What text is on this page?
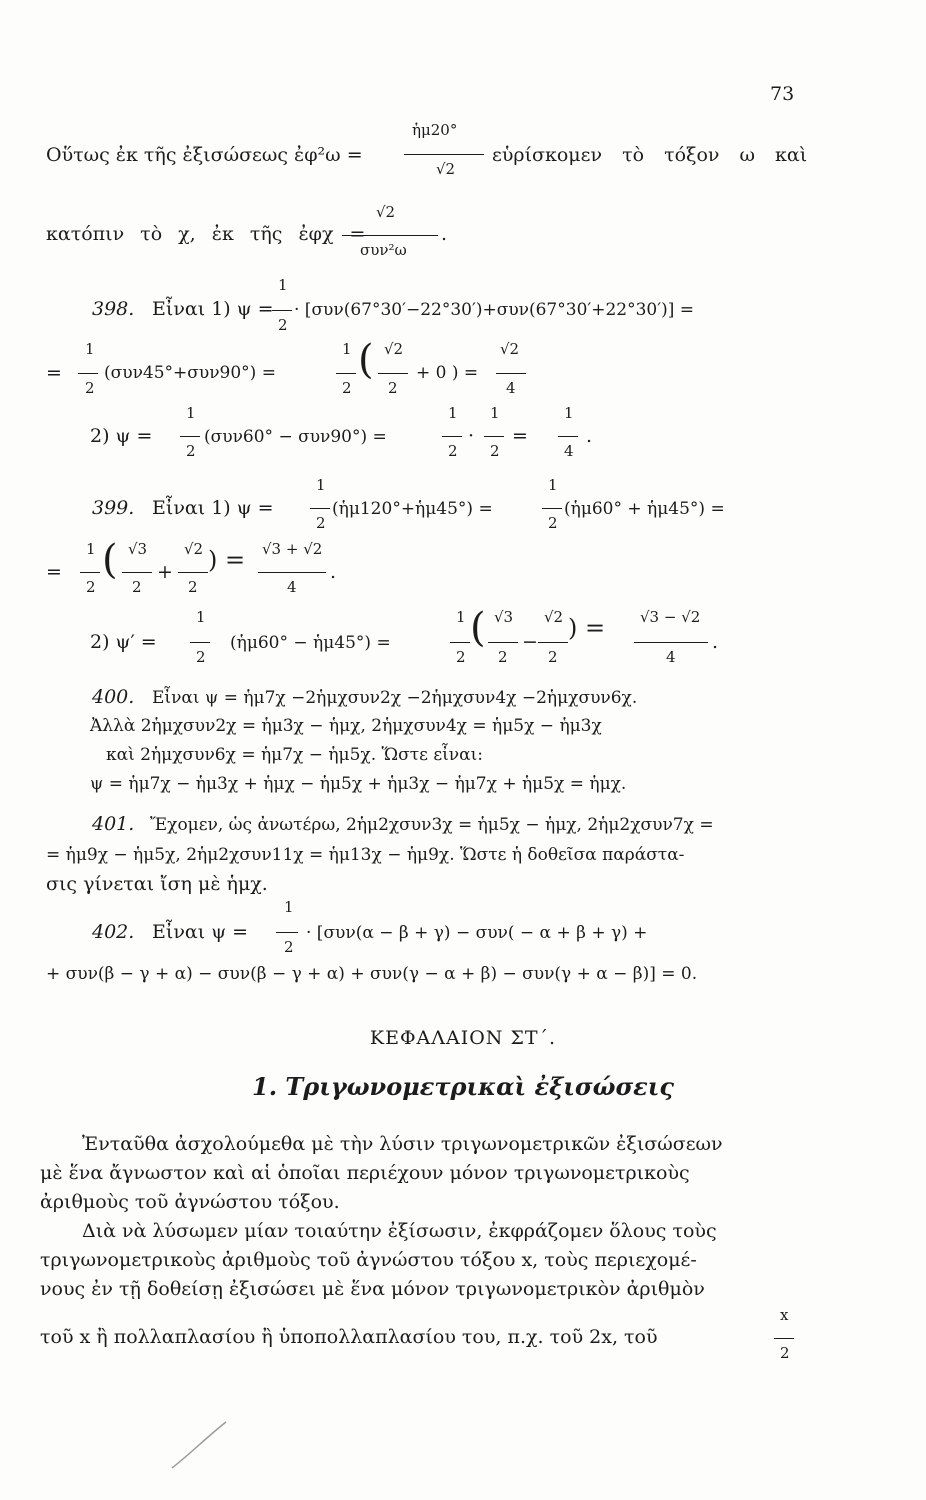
73
Οὕτως ἐκ τῆς ἐξισώσεως ἐφ²ω =
ἡμ20°
√2
εὑρίσκομεν τὸ τόξον ω καὶ
κατόπιν τὸ χ, ἐκ τῆς ἐφχ =
√2
συν²ω
.
398. Εἶναι 1) ψ =
1
2
· [συν(67°30′−22°30′)+συν(67°30′+22°30′)] =
=
1
2
(συν45°+συν90°) =
1
2
( √2
2
+ 0 ) =
√2
4
2) ψ =
1
2
(συν60° − συν90°) =
1
2
·
1
2
=
1
4
.
399. Εἶναι 1) ψ =
1
2
(ἡμ120°+ἡμ45°) =
1
2
(ἡμ60° + ἡμ45°) =
=
1
2
( √3
2
+
√2
2
) = √3 + √2
4
.
2) ψ′ =
1
2
(ἡμ60° − ἡμ45°) =
1
2
( √3
2
−
√2
2
) = √3 − √2
4
.
400. Εἶναι ψ = ἡμ7χ −2ἡμχσυν2χ −2ἡμχσυν4χ −2ἡμχσυν6χ.
Ἀλλὰ 2ἡμχσυν2χ = ἡμ3χ − ἡμχ, 2ἡμχσυν4χ = ἡμ5χ − ἡμ3χ
καὶ 2ἡμχσυν6χ = ἡμ7χ − ἡμ5χ. Ὥστε εἶναι:
ψ = ἡμ7χ − ἡμ3χ + ἡμχ − ἡμ5χ + ἡμ3χ − ἡμ7χ + ἡμ5χ = ἡμχ.
401. Ἔχομεν, ὡς ἀνωτέρω, 2ἡμ2χσυν3χ = ἡμ5χ − ἡμχ, 2ἡμ2χσυν7χ =
= ἡμ9χ − ἡμ5χ, 2ἡμ2χσυν11χ = ἡμ13χ − ἡμ9χ. Ὥστε ἡ δοθεῖσα παράστα-
σις γίνεται ἴση μὲ ἡμχ.
402. Εἶναι ψ =
1
2
· [συν(α − β + γ) − συν( − α + β + γ) +
+ συν(β − γ + α) − συν(β − γ + α) + συν(γ − α + β) − συν(γ + α − β)] = 0.
ΚΕΦΑΛΑΙΟΝ ΣΤ΄.
1. Τριγωνομετρικαὶ ἐξισώσεις
Ἐνταῦθα ἀσχολούμεθα μὲ τὴν λύσιν τριγωνομετρικῶν ἐξισώσεων
μὲ ἕνα ἄγνωστον καὶ αἱ ὁποῖαι περιέχουν μόνον τριγωνομετρικοὺς
ἀριθμοὺς τοῦ ἀγνώστου τόξου.
Διὰ νὰ λύσωμεν μίαν τοιαύτην ἐξίσωσιν, ἐκφράζομεν ὅλους τοὺς
τριγωνομετρικοὺς ἀριθμοὺς τοῦ ἀγνώστου τόξου x, τοὺς περιεχομέ-
νους ἐν τῇ δοθείσῃ ἐξισώσει μὲ ἕνα μόνον τριγωνομετρικὸν ἀριθμὸν
τοῦ x ἢ πολλαπλασίου ἢ ὑποπολλαπλασίου του, π.χ. τοῦ 2x, τοῦ
x
2
